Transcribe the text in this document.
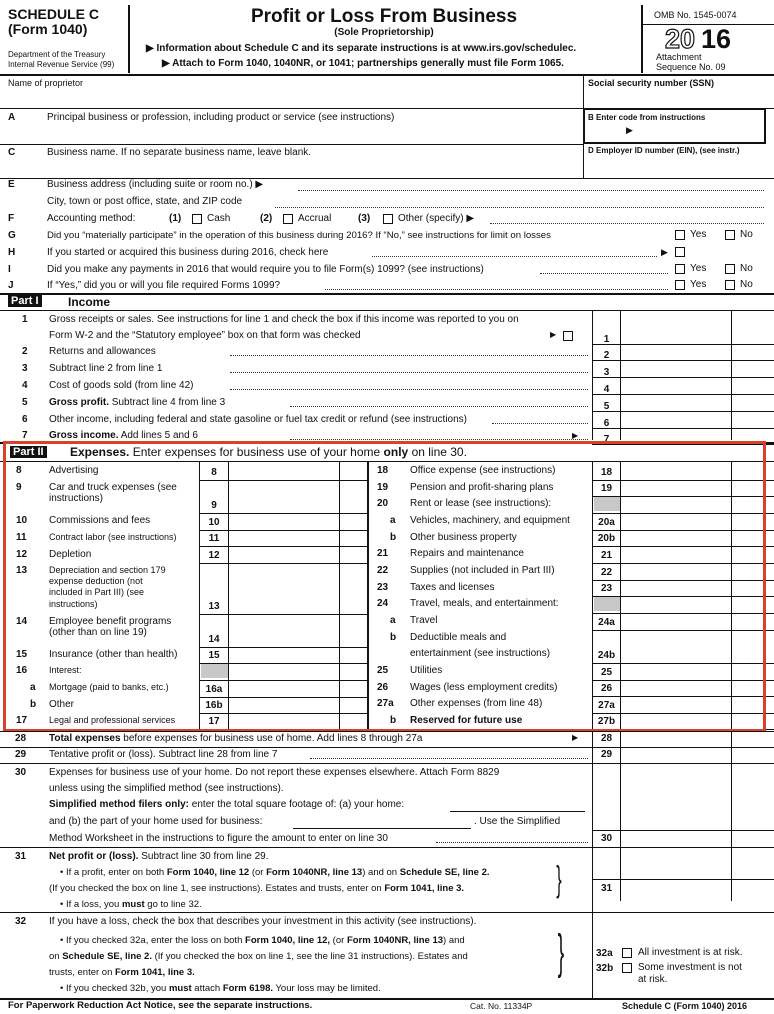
SCHEDULE C
(Form 1040)
Department of the Treasury
Internal Revenue Service (99)
Profit or Loss From Business
(Sole Proprietorship)
▶ Information about Schedule C and its separate instructions is at www.irs.gov/schedulec.
▶ Attach to Form 1040, 1040NR, or 1041; partnerships generally must file Form 1065.
OMB No. 1545-0074
20 16
Attachment
Sequence No. 09
Name of proprietor	Social security number (SSN)
A	Principal business or profession, including product or service (see instructions)	B Enter code from instructions
▶
C	Business name. If no separate business name, leave blank.	D Employer ID number (EIN), (see instr.)
E	Business address (including suite or room no.) ▶
City, town or post office, state, and ZIP code
F	Accounting method:	(1)	Cash	(2)	Accrual	(3)	Other (specify) ▶
G	Did you “materially participate” in the operation of this business during 2016? If “No,” see instructions for limit on losses	Yes	No
H	If you started or acquired this business during 2016, check here	▶
I	Did you make any payments in 2016 that would require you to file Form(s) 1099? (see instructions)	Yes	No
J	If “Yes,” did you or will you file required Forms 1099?	Yes	No
Part I Income
1 Gross receipts or sales. See instructions for line 1 and check the box if this income was reported to you on
Form W-2 and the “Statutory employee” box on that form was checked	▶	1
2 Returns and allowances	2
3 Subtract line 2 from line 1	3
4 Cost of goods sold (from line 42)	4
5 Gross profit. Subtract line 4 from line 3	5
6 Other income, including federal and state gasoline or fuel tax credit or refund (see instructions)	6
7 Gross income. Add lines 5 and 6	▶	7
Part II Expenses. Enter expenses for business use of your home only on line 30.
8	Advertising	8
9	Car and truck expenses (see
instructions)
9
10 Commissions and fees	10
11 Contract labor (see instructions)	11
12 Depletion	12
13 Depreciation and section 179
expense deduction (not
included in Part III) (see
instructions)	13
14 Employee benefit programs
(other than on line 19)
14
15 Insurance (other than health)	15
16 Interest:
a Mortgage (paid to banks, etc.)	16a
b Other	16b
17 Legal and professional services	17
18 Office expense (see instructions)	18
19 Pension and profit-sharing plans	19
20 Rent or lease (see instructions):
a Vehicles, machinery, and equipment	20a
b Other business property	20b
21 Repairs and maintenance	21
22 Supplies (not included in Part III)	22
23 Taxes and licenses	23
24 Travel, meals, and entertainment:
a Travel	24a
b Deductible meals and
entertainment (see instructions)	24b
25 Utilities	25
26 Wages (less employment credits)	26
27a Other expenses (from line 48)	27a
b Reserved for future use	27b
28 Total expenses before expenses for business use of home. Add lines 8 through 27a	▶	28
29 Tentative profit or (loss). Subtract line 28 from line 7	29
30 Expenses for business use of your home. Do not report these expenses elsewhere. Attach Form 8829
unless using the simplified method (see instructions).
Simplified method filers only: enter the total square footage of: (a) your home:
and (b) the part of your home used for business:	. Use the Simplified
Method Worksheet in the instructions to figure the amount to enter on line 30	30
31 Net profit or (loss). Subtract line 30 from line 29.
• If a profit, enter on both Form 1040, line 12 (or Form 1040NR, line 13) and on Schedule SE, line 2.
(If you checked the box on line 1, see instructions). Estates and trusts, enter on Form 1041, line 3.
• If a loss, you must go to line 32.
}	31
32 If you have a loss, check the box that describes your investment in this activity (see instructions).
• If you checked 32a, enter the loss on both Form 1040, line 12, (or Form 1040NR, line 13) and
on Schedule SE, line 2. (If you checked the box on line 1, see the line 31 instructions). Estates and
trusts, enter on Form 1041, line 3.
• If you checked 32b, you must attach Form 6198. Your loss may be limited.
}	32a	All investment is at risk.
32b Some investment is not
at risk.
For Paperwork Reduction Act Notice, see the separate instructions.	Cat. No. 11334P	Schedule C (Form 1040) 2016
